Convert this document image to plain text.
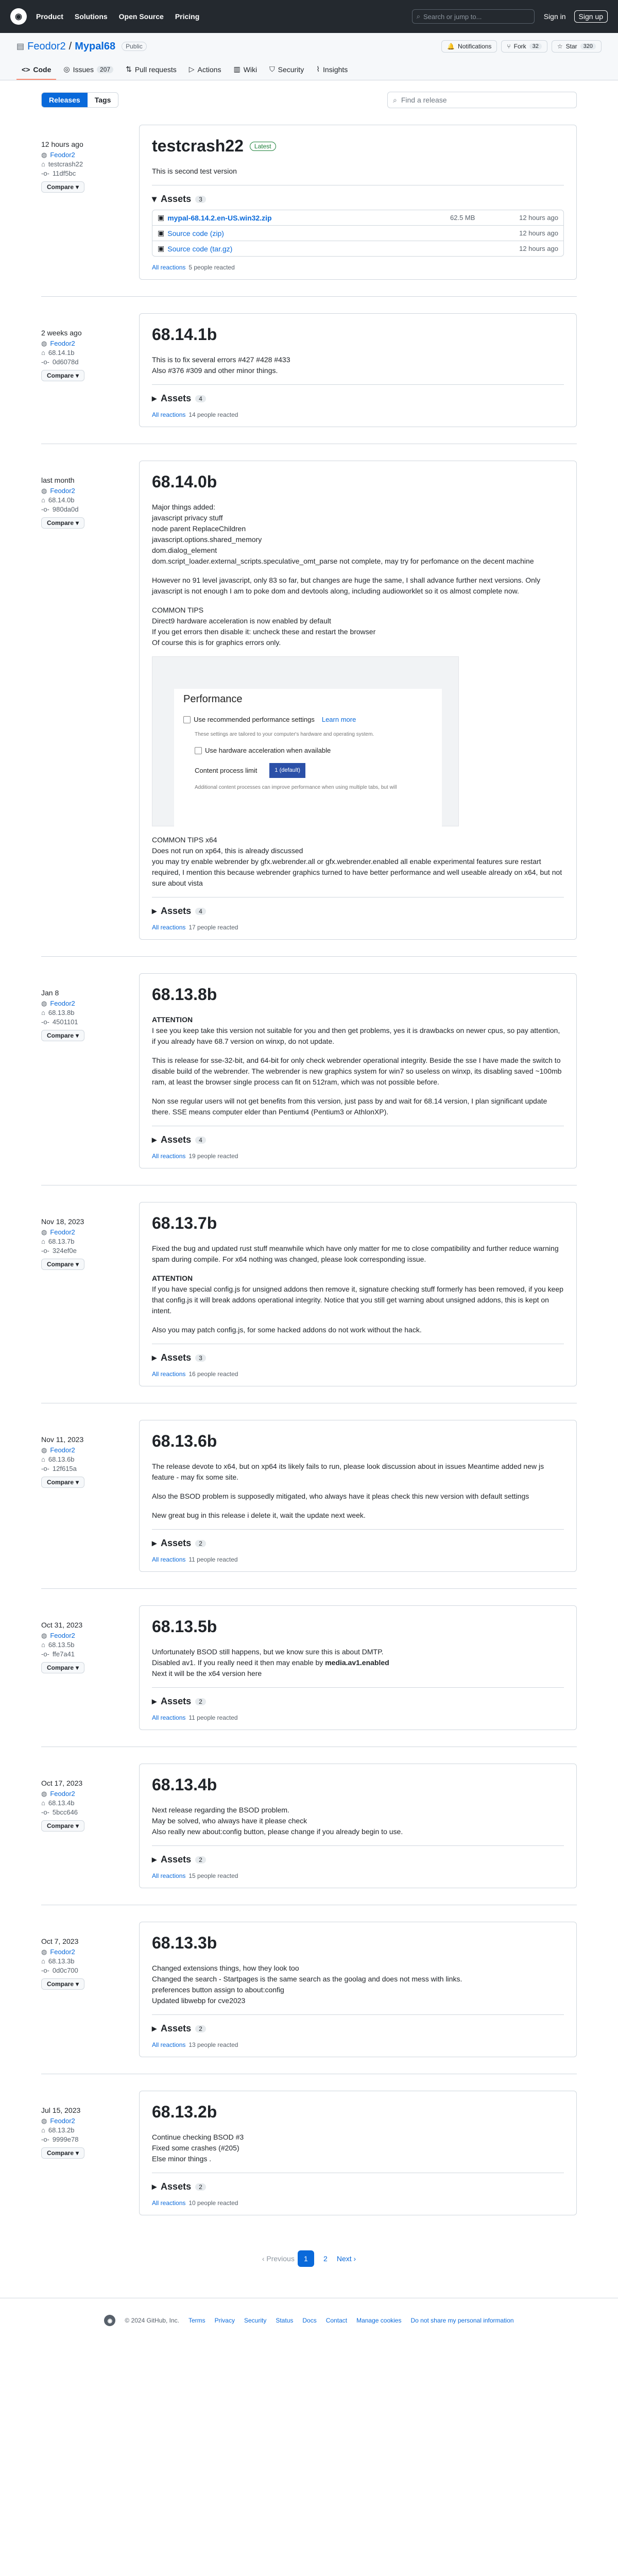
◉	Product Solutions Open Source Pricing	⌕ Search or jump to...	Sign in	Sign up
▤ Feodor2 / Mypal68	Public	🔔 Notifications	⑂ Fork	32	☆ Star	320
<> Code ◎ Issues	207	⇅ Pull requests ▷ Actions ▥ Wiki ⛉ Security ⌇ Insights
Releases	Tags	⌕ Find a release
12 hours ago
◍ Feodor2
⌂ testcrash22
-o- 11df5bc
Compare ▾
testcrash22	Latest

This is second test version

▾ Assets	3
▣ mypal-68.14.2.en-US.win32.zip	62.5 MB	12 hours ago
▣ Source code (zip)	12 hours ago
▣ Source code (tar.gz)	12 hours ago
All reactions 5 people reacted
2 weeks ago
◍ Feodor2
⌂ 68.14.1b
-o- 0d6078d
Compare ▾
68.14.1b

This is to fix several errors #427 #428 #433
Also #376 #309 and other minor things.

▸ Assets	4
All reactions 14 people reacted
last month
◍ Feodor2
⌂ 68.14.0b
-o- 980da0d
Compare ▾
68.14.0b

Major things added:
javascript privacy stuff
node parent ReplaceChildren
javascript.options.shared_memory
dom.dialog_element
dom.script_loader.external_scripts.speculative_omt_parse not complete, may try for perfomance on the decent machine

However no 91 level javascript, only 83 so far, but changes are huge the same, I shall advance further next versions. Only javascript is not enough I am to poke dom and devtools along, including audioworklet so it os almost complete now.

COMMON TIPS
Direct9 hardware acceleration is now enabled by default
If you get errors then disable it: uncheck these and restart the browser
Of course this is for graphics errors only.

Performance
Use recommended performance settings Learn more
These settings are tailored to your computer's hardware and operating system.
Use hardware acceleration when available
Content process limit	1 (default)
Additional content processes can improve performance when using multiple tabs, but will

COMMON TIPS x64
Does not run on xp64, this is already discussed
you may try enable webrender by gfx.webrender.all or gfx.webrender.enabled all enable experimental features sure restart required, I mention this because webrender graphics turned to have better performance and well useable already on x64, but not sure about vista

▸ Assets	4
All reactions 17 people reacted
Jan 8
◍ Feodor2
⌂ 68.13.8b
-o- 4501101
Compare ▾
68.13.8b

ATTENTION

I see you keep take this version not suitable for you and then get problems, yes it is drawbacks on newer cpus, so pay attention, if you already have 68.7 version on winxp, do not update.

This is release for sse-32-bit, and 64-bit for only check webrender operational integrity. Beside the sse I have made the switch to disable build of the webrender. The webrender is new graphics system for win7 so useless on winxp, its disabling saved ~100mb ram, at least the browser single process can fit on 512ram, which was not possible before.

Non sse regular users will not get benefits from this version, just pass by and wait for 68.14 version, I plan significant update there. SSE means computer elder than Pentium4 (Pentium3 or AthlonXP).

▸ Assets	4
All reactions 19 people reacted
Nov 18, 2023
◍ Feodor2
⌂ 68.13.7b
-o- 324ef0e
Compare ▾
68.13.7b

Fixed the bug and updated rust stuff meanwhile which have only matter for me to close compatibility and further reduce warning spam during compile. For x64 nothing was changed, please look corresponding issue.

ATTENTION

If you have special config.js for unsigned addons then remove it, signature checking stuff formerly has been removed, if you keep that config.js it will break addons operational integrity. Notice that you still get warning about unsigned addons, this is kept on intent.

Also you may patch config.js, for some hacked addons do not work without the hack.

▸ Assets	3
All reactions 16 people reacted
Nov 11, 2023
◍ Feodor2
⌂ 68.13.6b
-o- 12f615a
Compare ▾
68.13.6b

The release devote to x64, but on xp64 its likely fails to run, please look discussion about in issues Meantime added new js feature - may fix some site.

Also the BSOD problem is supposedly mitigated, who always have it pleas check this new version with default settings

New great bug in this release i delete it, wait the update next week.

▸ Assets	2
All reactions 11 people reacted
Oct 31, 2023
◍ Feodor2
⌂ 68.13.5b
-o- ffe7a41
Compare ▾
68.13.5b

Unfortunately BSOD still happens, but we know sure this is about DMTP.
Disabled av1. If you really need it then may enable by media.av1.enabled
Next it will be the x64 version here

▸ Assets	2
All reactions 11 people reacted
Oct 17, 2023
◍ Feodor2
⌂ 68.13.4b
-o- 5bcc646
Compare ▾
68.13.4b

Next release regarding the BSOD problem.
May be solved, who always have it please check
Also really new about:config button, please change if you already begin to use.

▸ Assets	2
All reactions 15 people reacted
Oct 7, 2023
◍ Feodor2
⌂ 68.13.3b
-o- 0d0c700
Compare ▾
68.13.3b

Changed extensions things, how they look too
Changed the search - Startpages is the same search as the goolag and does not mess with links.
preferences button assign to about:config
Updated libwebp for cve2023

▸ Assets	2
All reactions 13 people reacted
Jul 15, 2023
◍ Feodor2
⌂ 68.13.2b
-o- 9999e78
Compare ▾
68.13.2b

Continue checking BSOD #3
Fixed some crashes (#205)
Else minor things .

▸ Assets	2
All reactions 10 people reacted
‹ Previous	1	2	Next ›
◉	© 2024 GitHub, Inc. Terms Privacy Security Status Docs Contact Manage cookies Do not share my personal information
